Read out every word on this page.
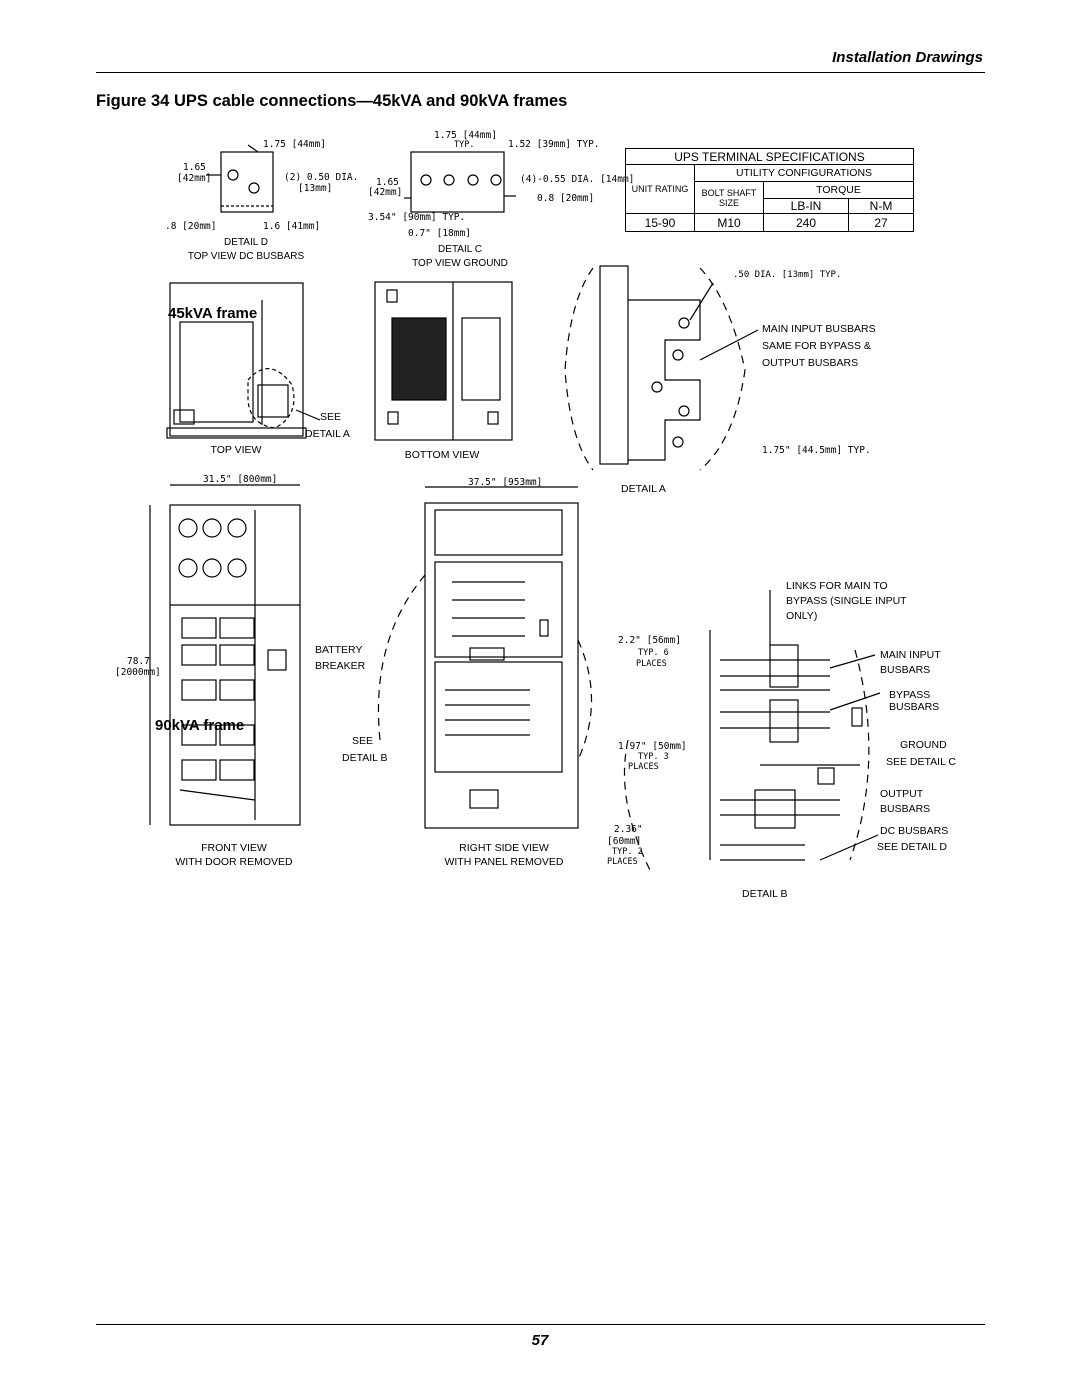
Installation Drawings
Figure 34 UPS cable connections—45kVA and 90kVA frames
UPS TERMINAL SPECIFICATIONS			
UNIT RATING	UTILITY CONFIGURATIONS		
	BOLT SHAFT SIZE	TORQUE	
		LB-IN	N-M
15-90	M10	240	27
1.75 [44mm]
1.65
[42mm]	(2) 0.50 DIA.
[13mm]
.8 [20mm]	1.6 [41mm]
DETAIL D
TOP VIEW DC BUSBARS
1.75 [44mm]
TYP.	1.52 [39mm] TYP.
1.65
[42mm]
(4)-0.55 DIA. [14mm]
0.8 [20mm]
3.54" [90mm] TYP.
0.7" [18mm]
DETAIL C
TOP VIEW GROUND
45kVA frame
SEE
DETAIL A
TOP VIEW	BOTTOM VIEW
.50 DIA. [13mm] TYP.
MAIN INPUT BUSBARS
SAME FOR BYPASS &
OUTPUT BUSBARS
1.75" [44.5mm] TYP.
DETAIL A
31.5" [800mm]
78.7
[2000mm]
37.5" [953mm]
BATTERY
BREAKER
90kVA frame
SEE
DETAIL B
FRONT VIEW
WITH DOOR REMOVED
RIGHT SIDE VIEW
WITH PANEL REMOVED
LINKS FOR MAIN TO
BYPASS (SINGLE INPUT
ONLY)
2.2" [56mm]
TYP. 6
PLACES
MAIN INPUT
BUSBARS
BYPASS
BUSBARS
1.97" [50mm]
TYP. 3
PLACES
GROUND
SEE DETAIL C
OUTPUT
BUSBARS
2.36"
[60mm]
TYP. 2
PLACES
DC BUSBARS
SEE DETAIL D
DETAIL B
57
